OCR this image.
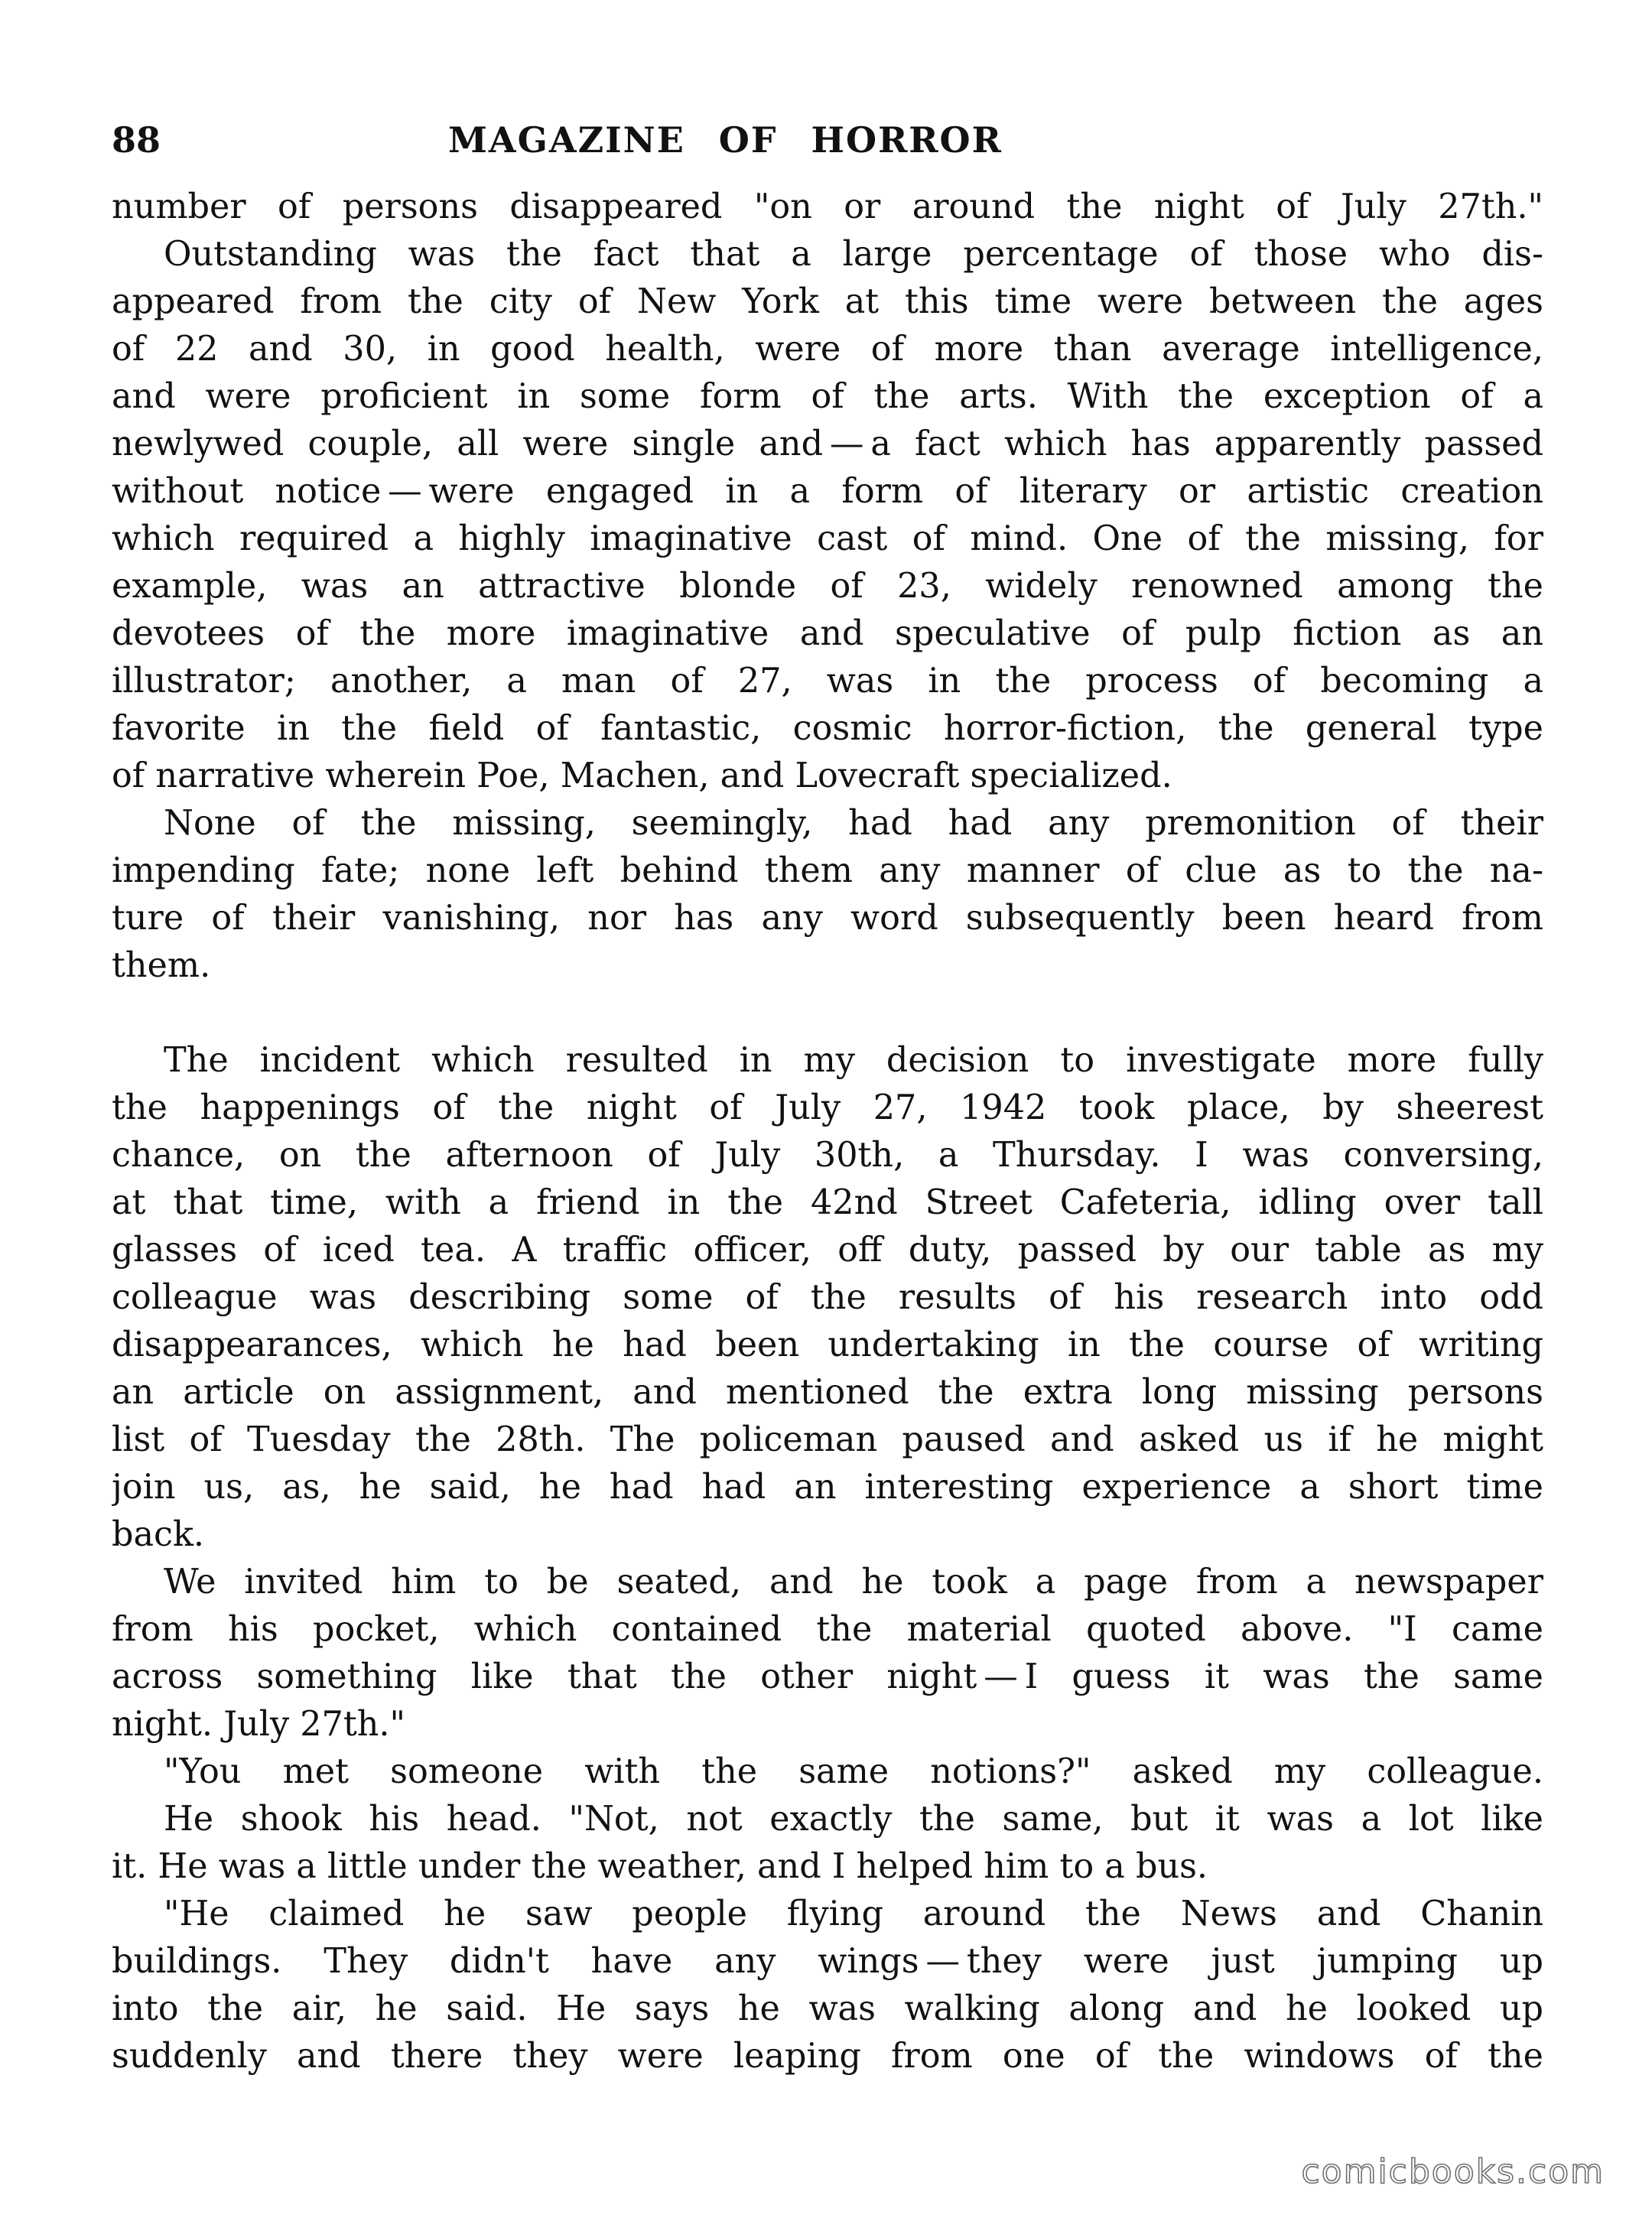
88	MAGAZINE OF HORROR
number of persons disappeared "on or around the night of July 27th."
Outstanding was the fact that a large percentage of those who dis-
appeared from the city of New York at this time were between the ages
of 22 and 30, in good health, were of more than average intelligence,
and were proficient in some form of the arts. With the exception of a
newlywed couple, all were single and — a fact which has apparently passed
without notice — were engaged in a form of literary or artistic creation
which required a highly imaginative cast of mind. One of the missing, for
example, was an attractive blonde of 23, widely renowned among the
devotees of the more imaginative and speculative of pulp fiction as an
illustrator; another, a man of 27, was in the process of becoming a
favorite in the field of fantastic, cosmic horror-fiction, the general type
of narrative wherein Poe, Machen, and Lovecraft specialized.
None of the missing, seemingly, had had any premonition of their
impending fate; none left behind them any manner of clue as to the na-
ture of their vanishing, nor has any word subsequently been heard from
them.
The incident which resulted in my decision to investigate more fully
the happenings of the night of July 27, 1942 took place, by sheerest
chance, on the afternoon of July 30th, a Thursday. I was conversing,
at that time, with a friend in the 42nd Street Cafeteria, idling over tall
glasses of iced tea. A traffic officer, off duty, passed by our table as my
colleague was describing some of the results of his research into odd
disappearances, which he had been undertaking in the course of writing
an article on assignment, and mentioned the extra long missing persons
list of Tuesday the 28th. The policeman paused and asked us if he might
join us, as, he said, he had had an interesting experience a short time
back.
We invited him to be seated, and he took a page from a newspaper
from his pocket, which contained the material quoted above. "I came
across something like that the other night — I guess it was the same
night. July 27th."
"You met someone with the same notions?" asked my colleague.
He shook his head. "Not, not exactly the same, but it was a lot like
it. He was a little under the weather, and I helped him to a bus.
"He claimed he saw people flying around the News and Chanin
buildings. They didn't have any wings — they were just jumping up
into the air, he said. He says he was walking along and he looked up
suddenly and there they were leaping from one of the windows of the
comicbooks.com
